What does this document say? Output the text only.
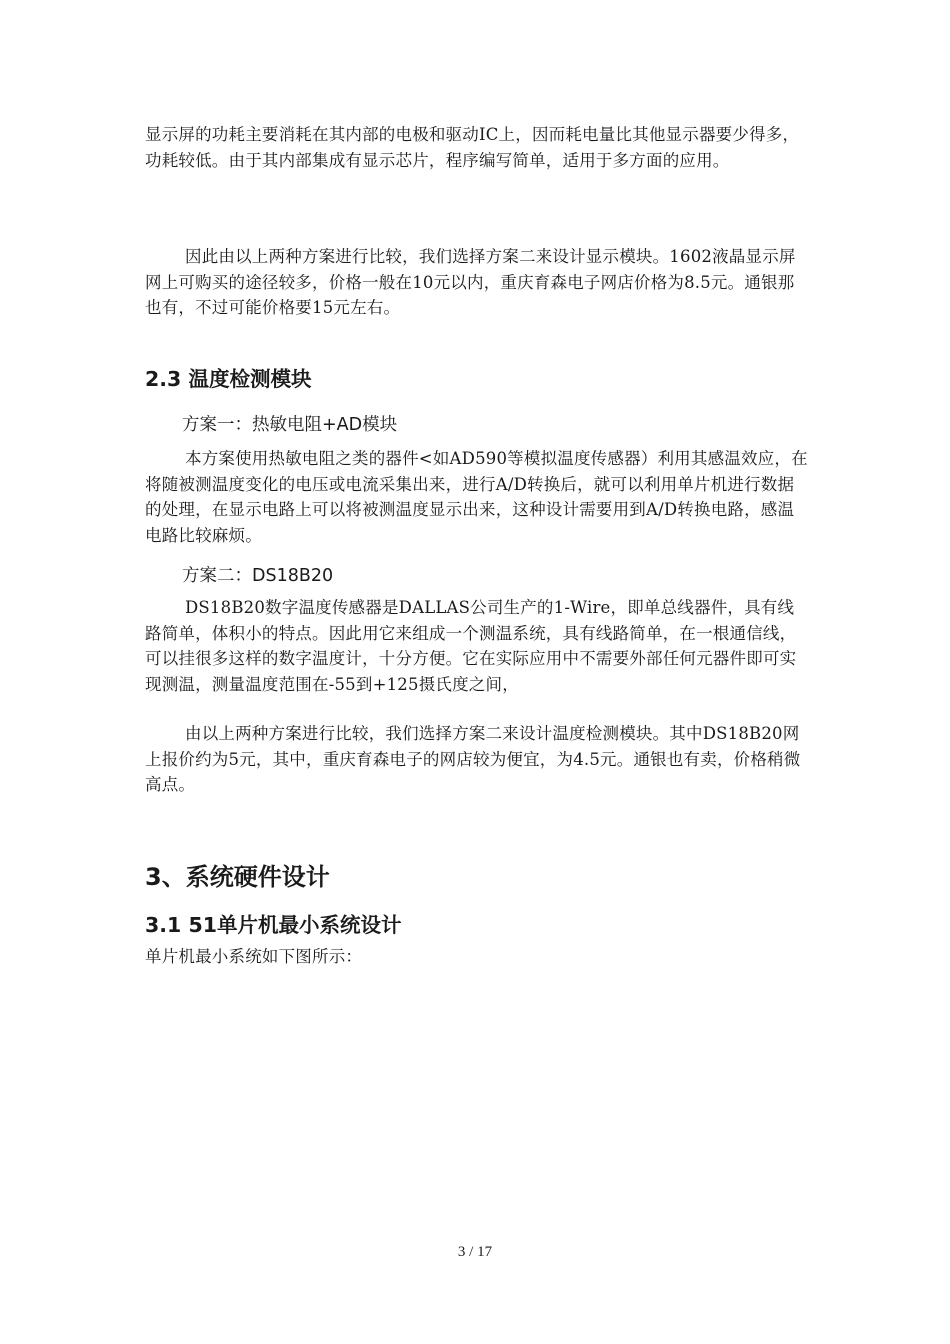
显示屏的功耗主要消耗在其内部的电极和驱动IC上，因而耗电量比其他显示器要少得多，功耗较低。由于其内部集成有显示芯片，程序编写简单，适用于多方面的应用。

因此由以上两种方案进行比较，我们选择方案二来设计显示模块。1602液晶显示屏网上可购买的途径较多，价格一般在10元以内，重庆育森电子网店价格为8.5元。通银那也有，不过可能价格要15元左右。

2.3 温度检测模块

方案一：热敏电阻+AD模块

本方案使用热敏电阻之类的器件<如AD590等模拟温度传感器）利用其感温效应，在将随被测温度变化的电压或电流采集出来，进行A/D转换后，就可以利用单片机进行数据的处理，在显示电路上可以将被测温度显示出来，这种设计需要用到A/D转换电路，感温电路比较麻烦。

方案二：DS18B20

DS18B20数字温度传感器是DALLAS公司生产的1-Wire，即单总线器件，具有线路简单，体积小的特点。因此用它来组成一个测温系统，具有线路简单，在一根通信线，可以挂很多这样的数字温度计，十分方便。它在实际应用中不需要外部任何元器件即可实现测温，测量温度范围在-55到+125摄氏度之间，

由以上两种方案进行比较，我们选择方案二来设计温度检测模块。其中DS18B20网上报价约为5元，其中，重庆育森电子的网店较为便宜，为4.5元。通银也有卖，价格稍微高点。

3、系统硬件设计
3.1 51单片机最小系统设计

单片机最小系统如下图所示：

3 / 17
